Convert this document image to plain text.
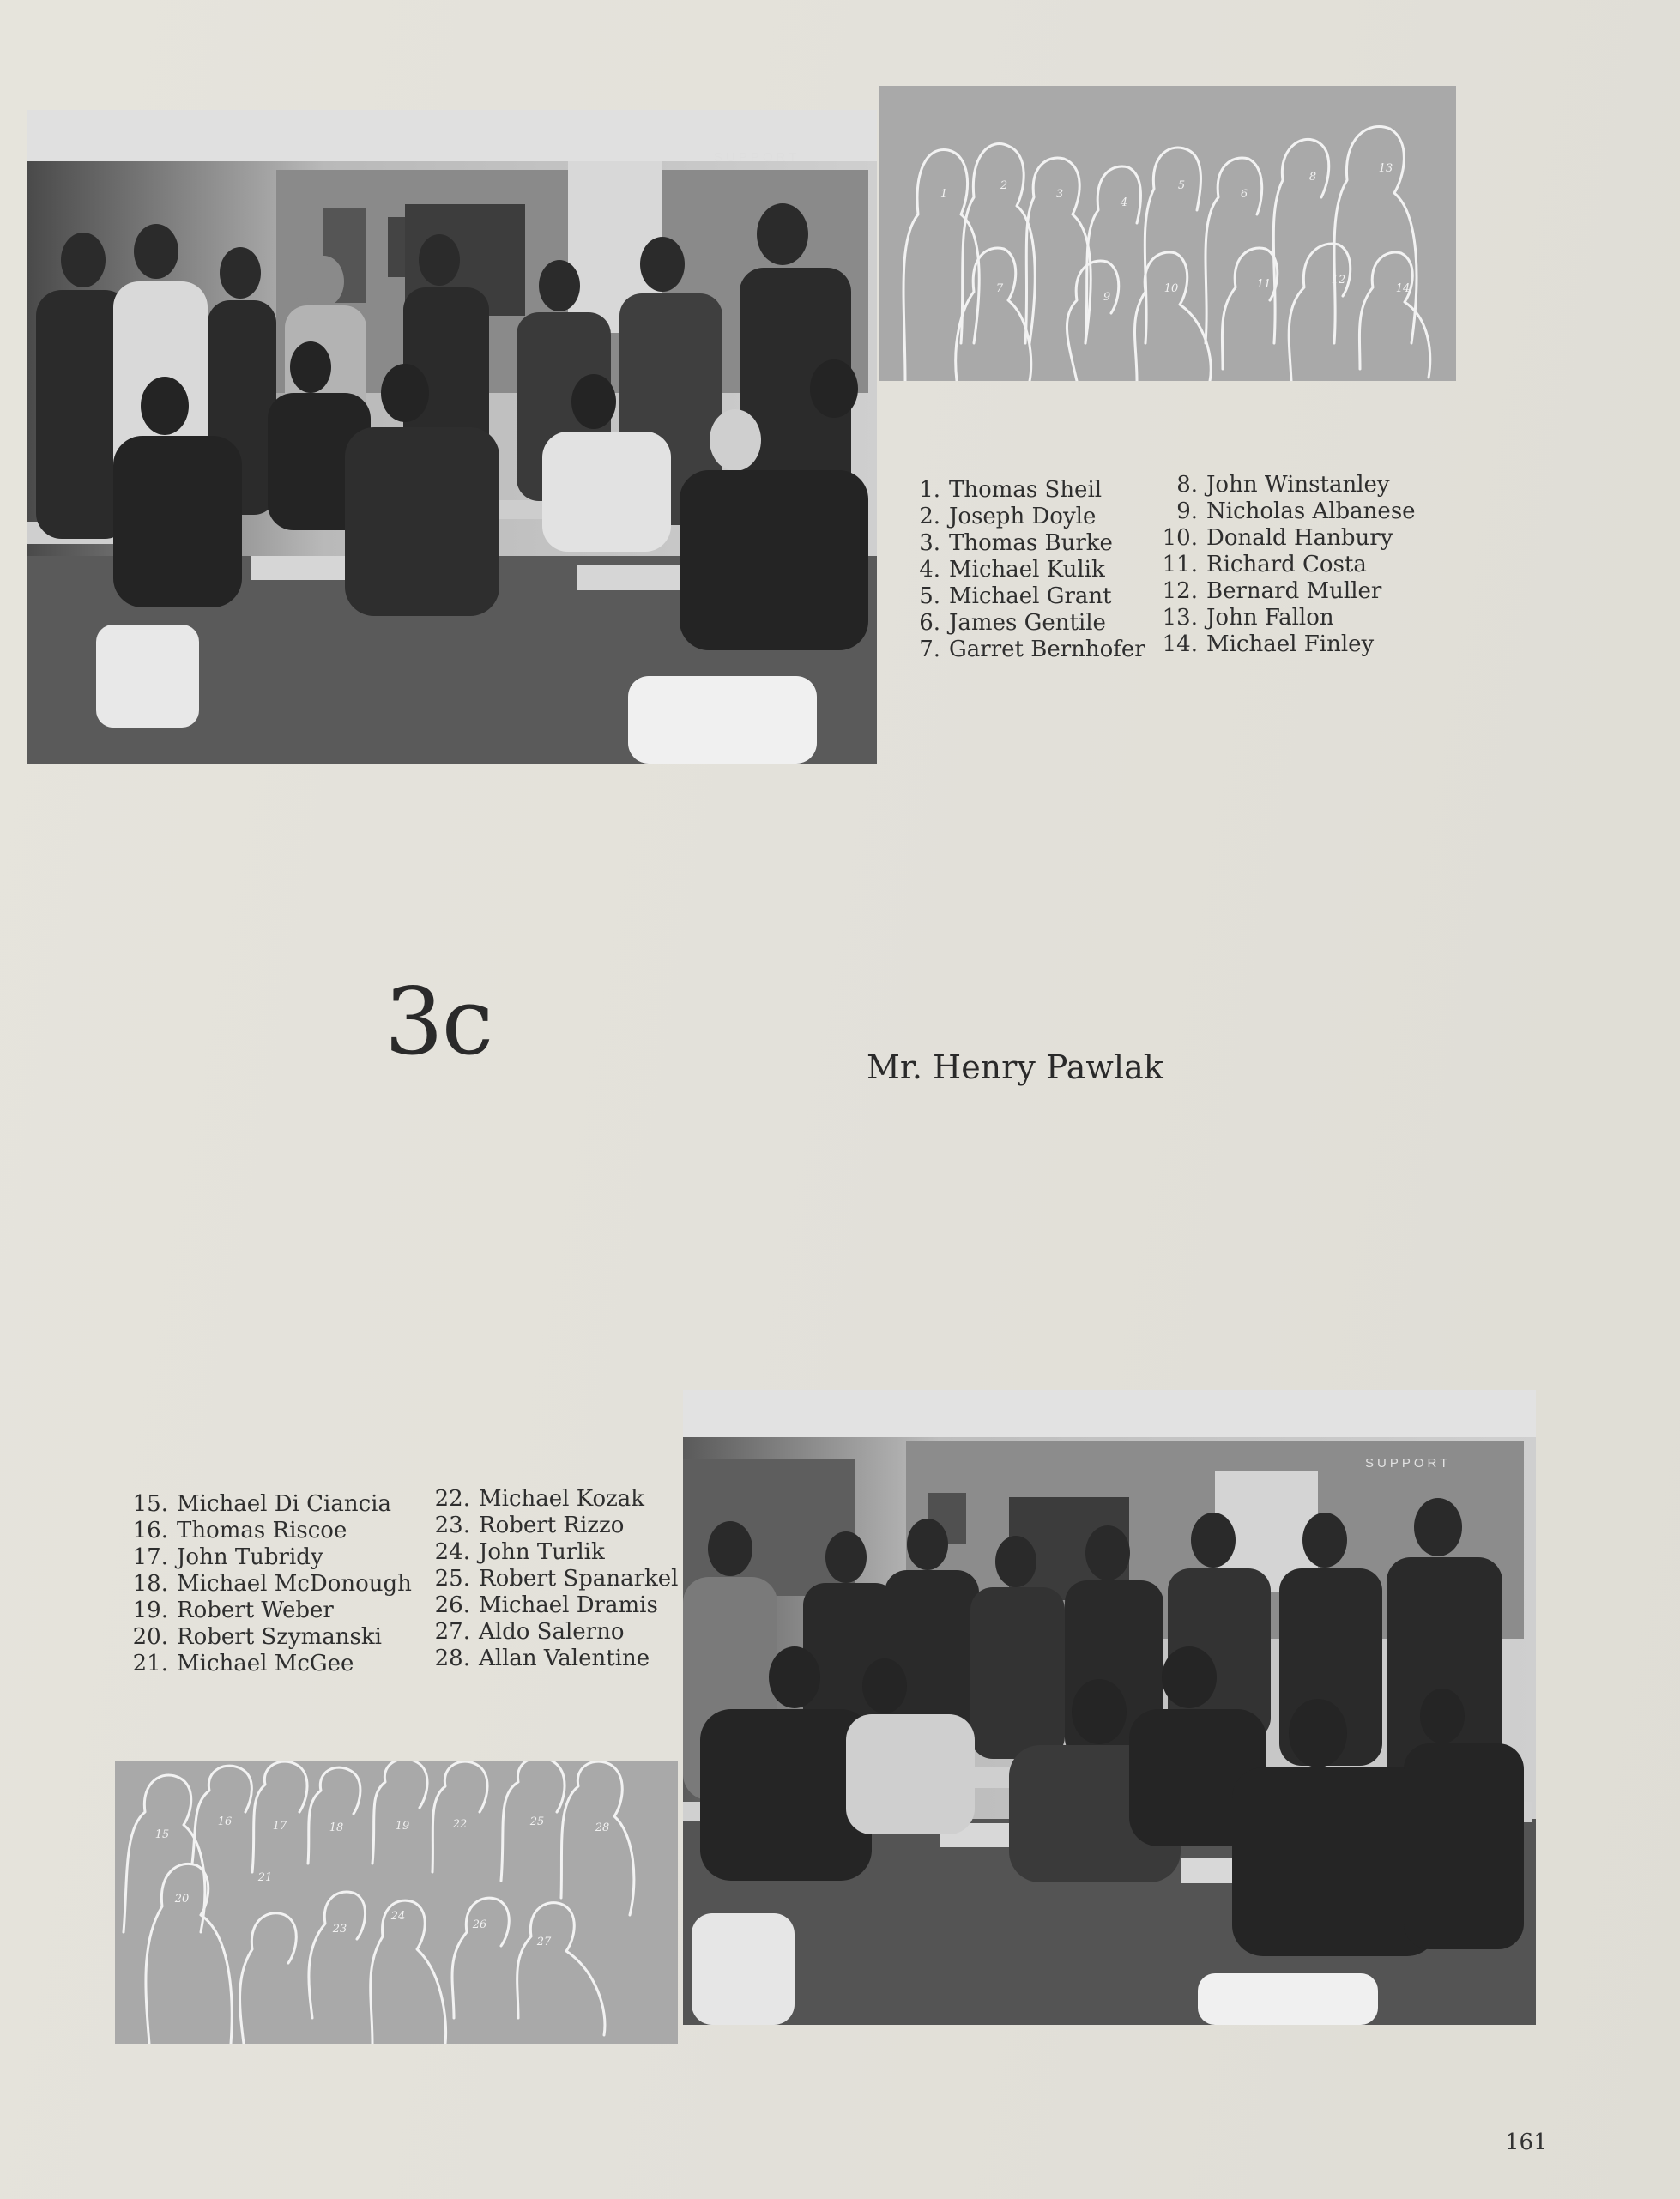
SUPPORT
1
2
3
4
5
6
7
8
9
10	11	12
13
14
1. Thomas Sheil
2. Joseph Doyle
3. Thomas Burke
4. Michael Kulik
5. Michael Grant
6. James Gentile
7. Garret Bernhofer
8. John Winstanley
9. Nicholas Albanese
10. Donald Hanbury
11. Richard Costa
12. Bernard Muller
13. John Fallon
14. Michael Finley
3c	Mr. Henry Pawlak
15. Michael Di Ciancia
16. Thomas Riscoe
17. John Tubridy
18. Michael McDonough
19. Robert Weber
20. Robert Szymanski
21. Michael McGee
22. Michael Kozak
23. Robert Rizzo
24. John Turlik
25. Robert Spanarkel
26. Michael Dramis
27. Aldo Salerno
28. Allan Valentine
15
16	17	18	19
20
21
22
23
24
25
26
27
28
SUPPORT
161
